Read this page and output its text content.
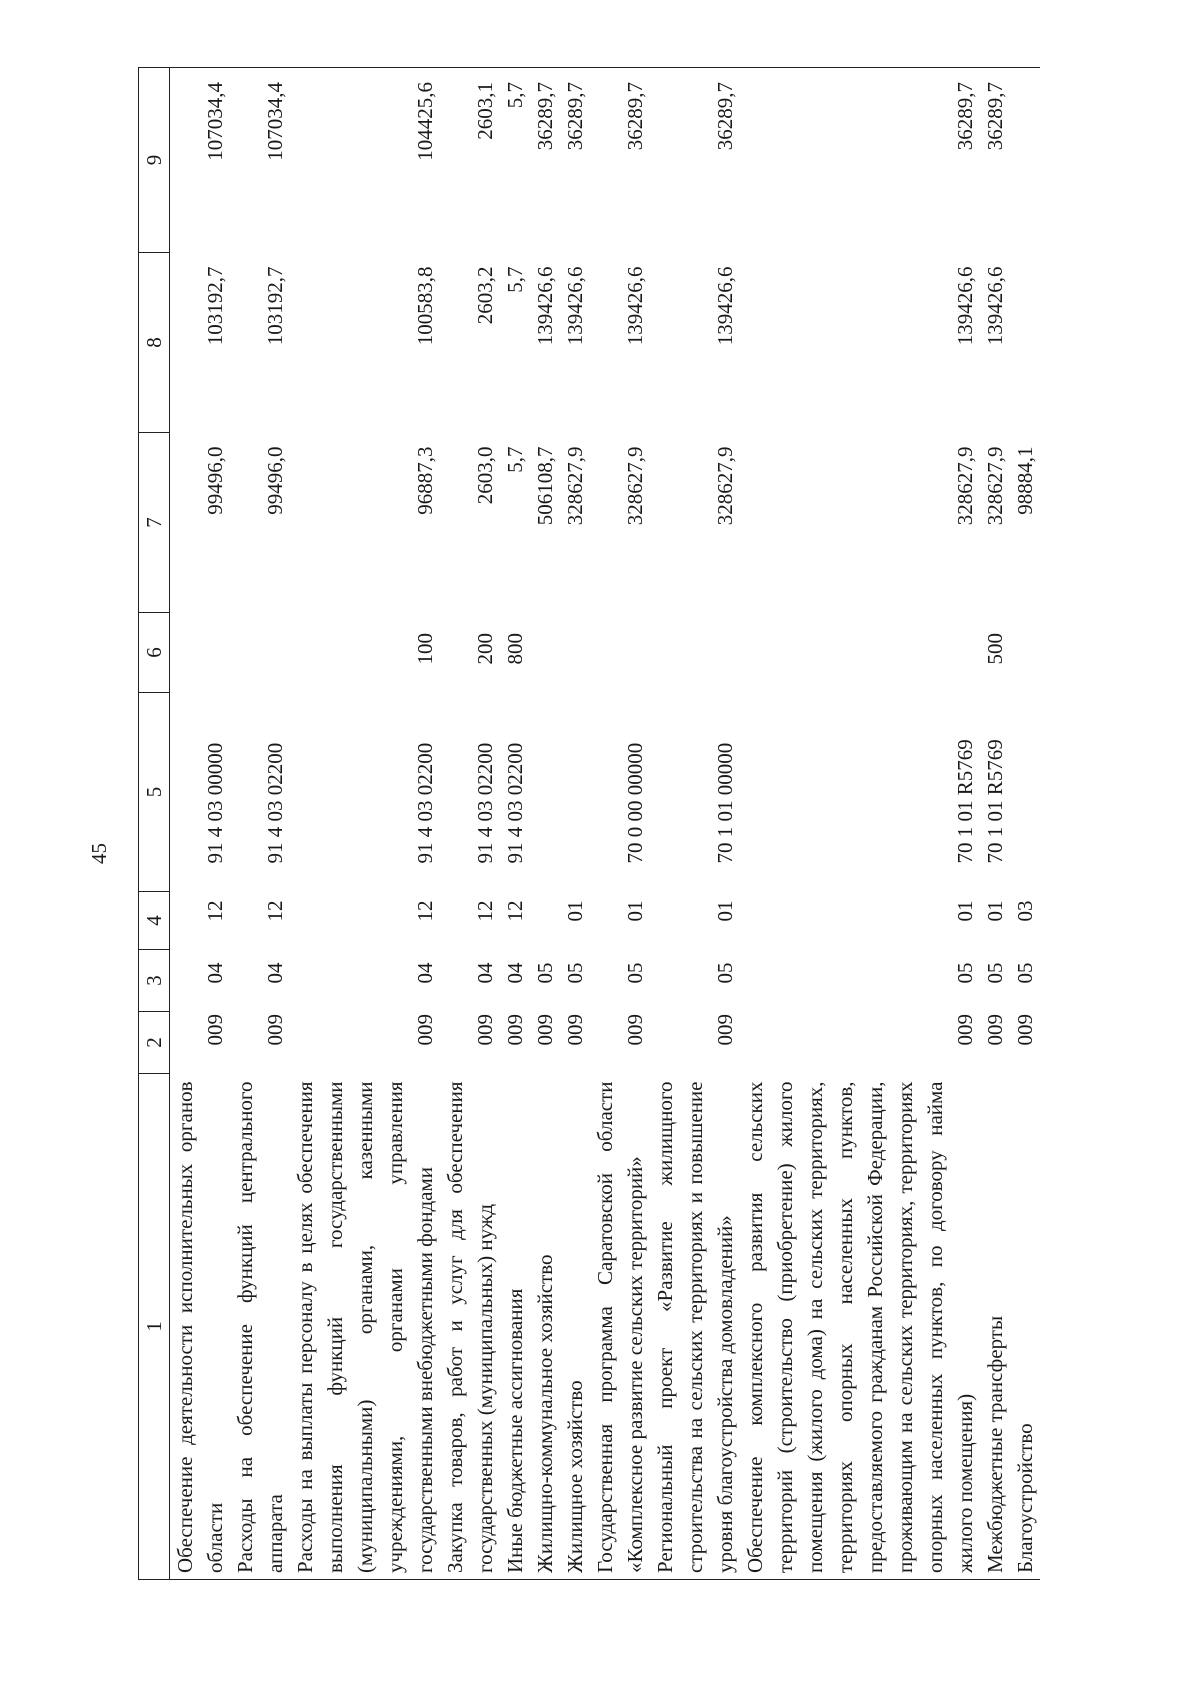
45
1	2	3	4	5	6	7	8	9
Обеспечение деятельности исполнительных органов области	009	04	12	91 4 03 00000		99496,0	103192,7	107034,4
Расходы на обеспечение функций центрального аппарата	009	04	12	91 4 03 02200		99496,0	103192,7	107034,4
Расходы на выплаты персоналу в целях обеспечения выполнения функций государственными (муниципальными) органами, казенными учреждениями, органами управления государственными внебюджетными фондами	009	04	12	91 4 03 02200	100	96887,3	100583,8	104425,6
Закупка товаров, работ и услуг для обеспечения государственных (муниципальных) нужд	009	04	12	91 4 03 02200	200	2603,0	2603,2	2603,1
Иные бюджетные ассигнования	009	04	12	91 4 03 02200	800	5,7	5,7	5,7
Жилищно-коммунальное хозяйство	009	05				506108,7	139426,6	36289,7
Жилищное хозяйство	009	05	01			328627,9	139426,6	36289,7
Государственная программа Саратовской области «Комплексное развитие сельских территорий»	009	05	01	70 0 00 00000		328627,9	139426,6	36289,7
Региональный проект «Развитие жилищного строительства на сельских территориях и повышение уровня благоустройства домовладений»	009	05	01	70 1 01 00000		328627,9	139426,6	36289,7
Обеспечение комплексного развития сельских территорий (строительство (приобретение) жилого помещения (жилого дома) на сельских территориях, территориях опорных населенных пунктов, предоставляемого гражданам Российской Федерации, проживающим на сельских территориях, территориях опорных населенных пунктов, по договору найма жилого помещения)	009	05	01	70 1 01 R5769		328627,9	139426,6	36289,7
Межбюджетные трансферты	009	05	01	70 1 01 R5769	500	328627,9	139426,6	36289,7
Благоустройство	009	05	03			98884,1		
